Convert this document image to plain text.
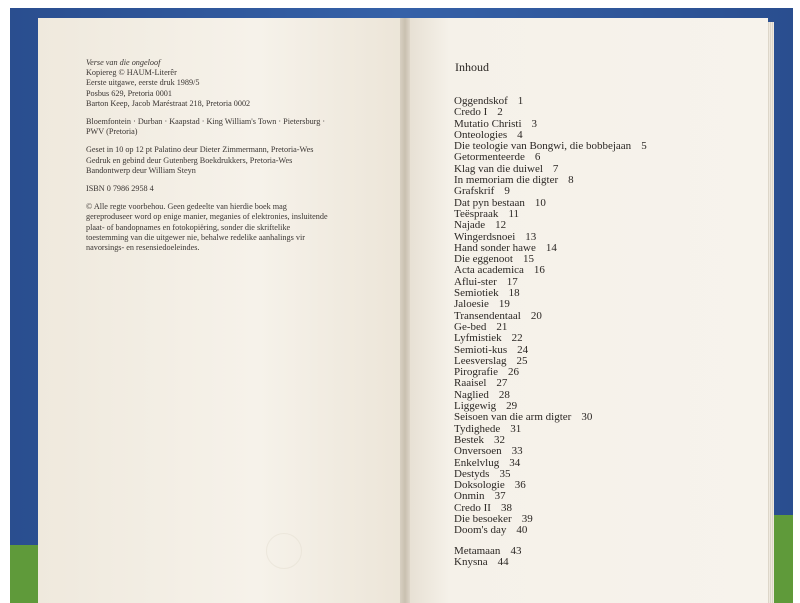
Verse van die ongeloof

Kopiereg © HAUM-Literêr

Eerste uitgawe, eerste druk 1989/5

Posbus 629, Pretoria 0001

Barton Keep, Jacob Maréstraat 218, Pretoria 0002

Bloemfontein · Durban · Kaapstad · King William's Town · Pietersburg ·

PWV (Pretoria)

Geset in 10 op 12 pt Palatino deur Dieter Zimmermann, Pretoria-Wes

Gedruk en gebind deur Gutenberg Boekdrukkers, Pretoria-Wes

Bandontwerp deur William Steyn

ISBN 0 7986 2958 4

© Alle regte voorbehou. Geen gedeelte van hierdie boek mag

gereproduseer word op enige manier, meganies of elektronies, insluitende

plaat- of bandopnames en fotokopiëring, sonder die skriftelike

toestemming van die uitgewer nie, behalwe redelike aanhalings vir

navorsings- en resensiedoeleindes.

Inhoud
Oggendskof 1
Credo I 2
Mutatio Christi 3
Onteologies 4
Die teologie van Bongwi, die bobbejaan 5
Getormenteerde 6
Klag van die duiwel 7
In memoriam die digter 8
Grafskrif 9
Dat pyn bestaan 10
Teëspraak 11
Najade 12
Wingerdsnoei 13
Hand sonder hawe 14
Die eggenoot 15
Acta academica 16
Aflui-ster 17
Semiotiek 18
Jaloesie 19
Transendentaal 20
Ge-bed 21
Lyfmistiek 22
Semioti-kus 24
Leesverslag 25
Pirografie 26
Raaisel 27
Naglied 28
Liggewig 29
Seisoen van die arm digter 30
Tydighede 31
Bestek 32
Onversoen 33
Enkelvlug 34
Destyds 35
Doksologie 36
Onmin 37
Credo II 38
Die besoeker 39
Doom's day 40
Metamaan 43
Knysna 44
